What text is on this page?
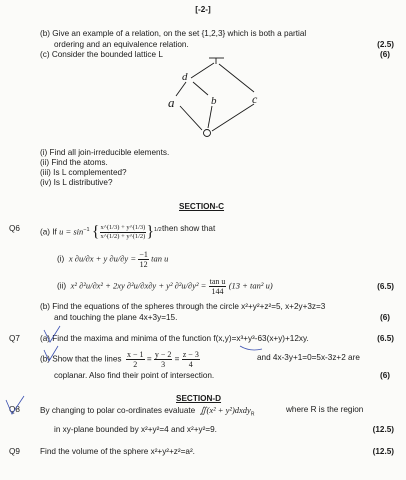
[-2-]
(b) Give an example of a relation, on the set {1,2,3} which is both a partial
ordering and an equivalence relation.	(2.5)
(c) Consider the bounded lattice L	(6)
d
a	b	c
(i) Find all join-irreducible elements.
(ii) Find the atoms.
(iii) Is L complemented?
(iv) Is L distributive?
SECTION-C
Q6 (a) If $u = \sin^{-1}$ { $\frac{x\^{}(1/3) + y\^{}(1/3)}{x\^{}(1/2) + y\^{}(1/2)} \}^{1/2}$ then show that
(i) x ∂u/∂x + y $\partial u/\partial y = \frac{-1}{12}$ tan u
(ii) x² ∂²u/∂x² + 2xy ∂²u/∂x∂y + y² $\partial^2u/\partial y^2 = \frac{\text{tan u}}{144} (13 + \tan^2$ u)	(6.5)
(b) Find the equations of the spheres through the circle x²+y²+z²=5, x+2y+3z=3
and touching the plane 4x+3y=15.	(6)
Q7 (a) Find the maxima and minima of the function f(x,y)=x³+y³-63(x+y)+12xy.	(6.5)
(b) Show that the lines $\frac{x - 1}{2} = \frac{y - 2}{3} = \frac{z - 3}{4}$	and 4x-3y+1=0=5x-3z+2 are
coplanar. Also find their point of intersection.	(6)
SECTION-D
Q8 By changing to polar co-ordinates evaluate ∬(x² + y²)dxdy$_R$
where R is the region
in xy-plane bounded by x²+y²=4 and x²+y²=9.	(12.5)
Q9 Find the volume of the sphere x²+y²+z²=a².	(12.5)
